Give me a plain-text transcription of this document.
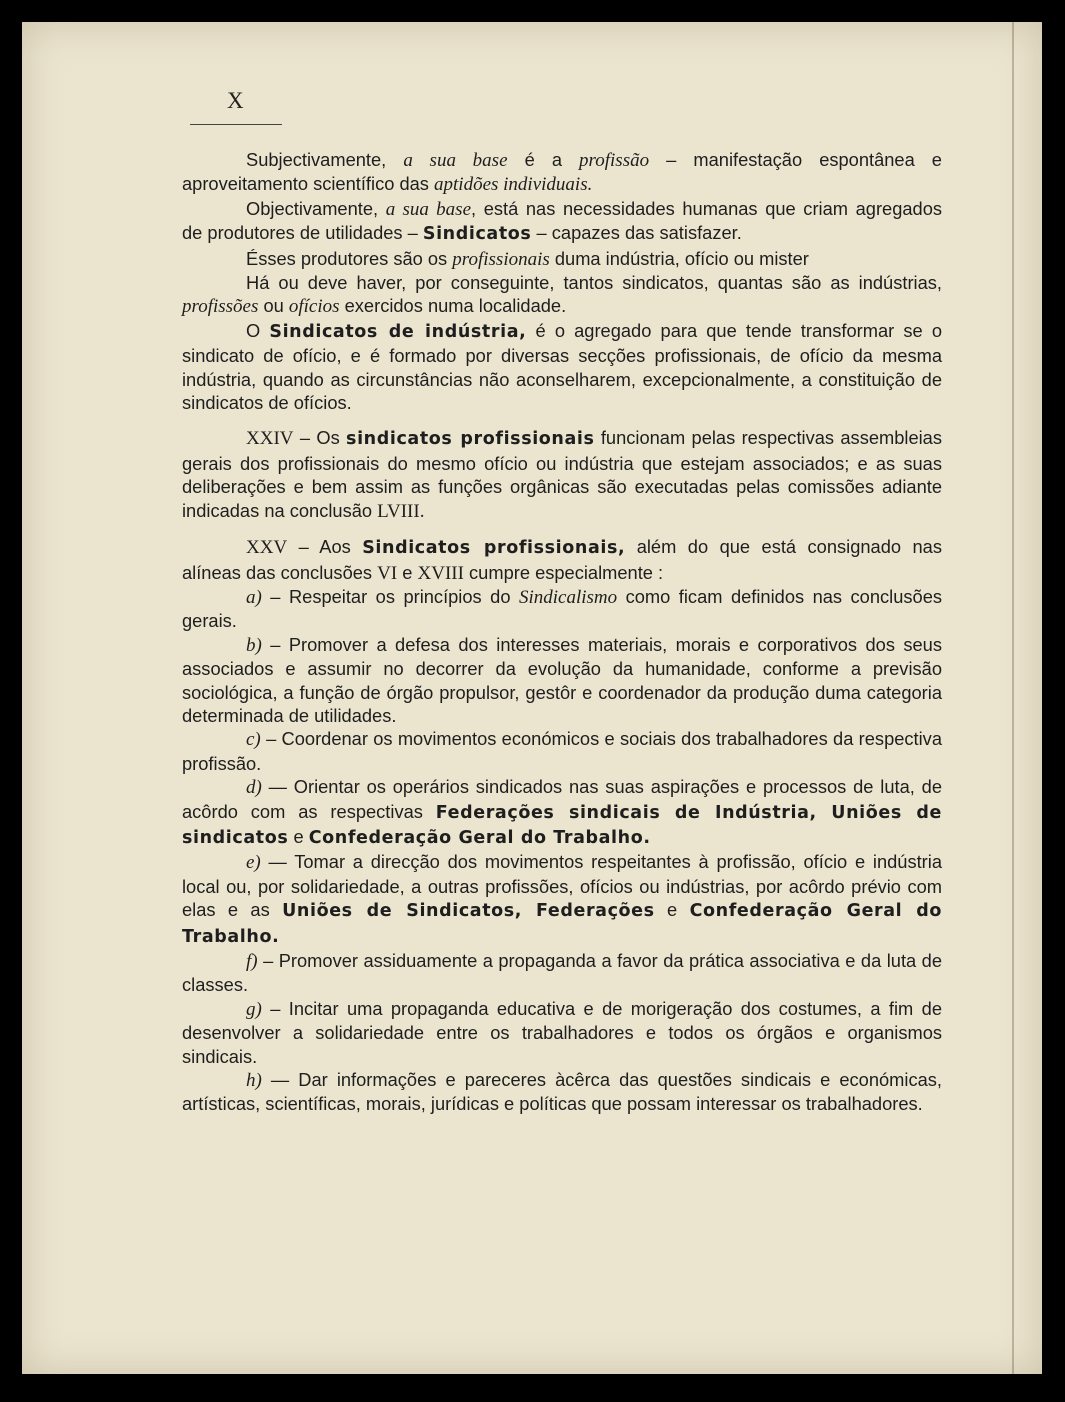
X

Subjectivamente, a sua base é a profissão – manifestação espontânea e aproveitamento scientífico das aptidões individuais.

Objectivamente, a sua base, está nas necessidades humanas que criam agregados de produtores de utilidades – Sindicatos – capazes das satisfazer.

Ésses produtores são os profissionais duma indústria, ofício ou mister

Há ou deve haver, por conseguinte, tantos sindicatos, quantas são as indústrias, profissões ou ofícios exercidos numa localidade.

O Sindicatos de indústria, é o agregado para que tende transformar se o sindicato de ofício, e é formado por diversas secções profissionais, de ofício da mesma indústria, quando as circunstâncias não aconselharem, excepcionalmente, a constituição de sindicatos de ofícios.

XXIV – Os sindicatos profissionais funcionam pelas respectivas assembleias gerais dos profissionais do mesmo ofício ou indústria que estejam associados; e as suas deliberações e bem assim as funções orgânicas são executadas pelas comissões adiante indicadas na conclusão LVIII.

XXV – Aos Sindicatos profissionais, além do que está consignado nas alíneas das conclusões VI e XVIII cumpre especialmente :

a) – Respeitar os princípios do Sindicalismo como ficam definidos nas conclusões gerais.

b) – Promover a defesa dos interesses materiais, morais e corporativos dos seus associados e assumir no decorrer da evolução da humanidade, conforme a previsão sociológica, a função de órgão propulsor, gestôr e coordenador da produção duma categoria determinada de utilidades.

c) – Coordenar os movimentos económicos e sociais dos trabalhadores da respectiva profissão.

d) — Orientar os operários sindicados nas suas aspirações e processos de luta, de acôrdo com as respectivas Federações sindicais de Indústria, Uniões de sindicatos e Confederação Geral do Trabalho.

e) — Tomar a direcção dos movimentos respeitantes à profissão, ofício e indústria local ou, por solidariedade, a outras profissões, ofícios ou indústrias, por acôrdo prévio com elas e as Uniões de Sindicatos, Federações e Confederação Geral do Trabalho.

f) – Promover assiduamente a propaganda a favor da prática associativa e da luta de classes.

g) – Incitar uma propaganda educativa e de morigeração dos costumes, a fim de desenvolver a solidariedade entre os trabalhadores e todos os órgãos e organismos sindicais.

h) — Dar informações e pareceres àcêrca das questões sindicais e económicas, artísticas, scientíficas, morais, jurídicas e políticas que possam interessar os trabalhadores.
